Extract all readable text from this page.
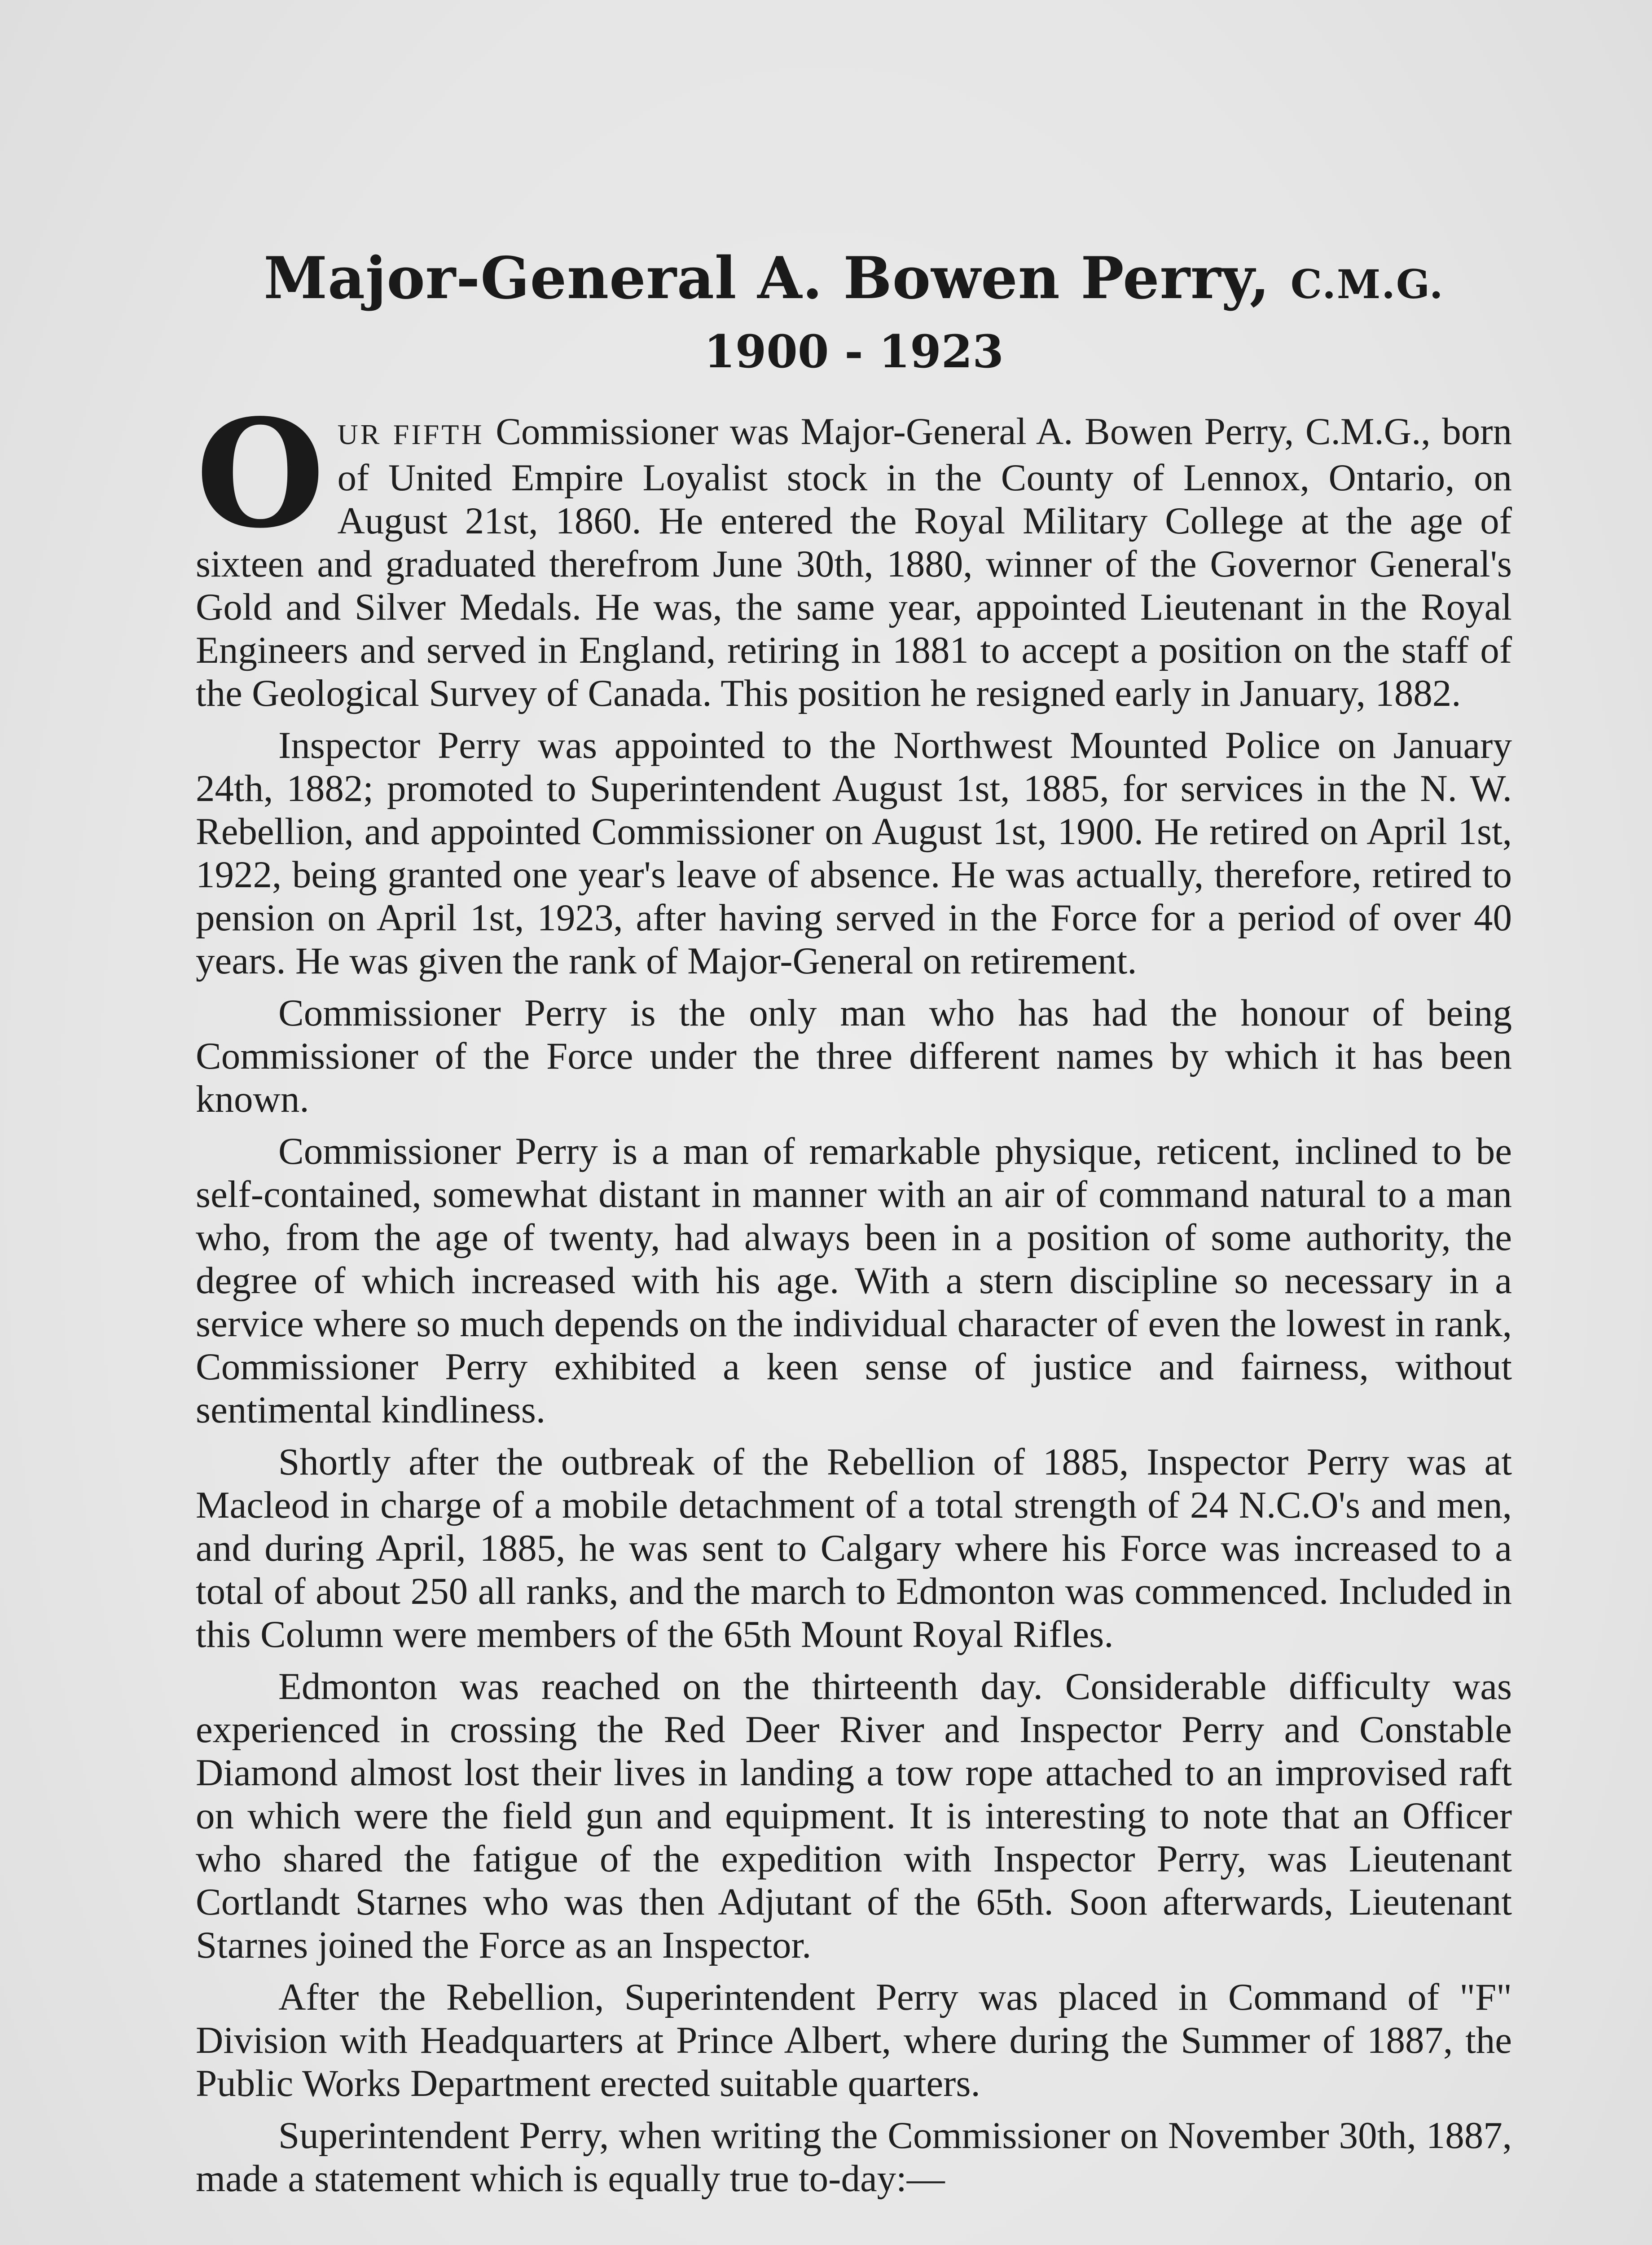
Major-General A. Bowen Perry, C.M.G.
1900 - 1923

OUR FIFTH Commissioner was Major-General A. Bowen Perry, C.M.G., born of United Empire Loyalist stock in the County of Lennox, Ontario, on August 21st, 1860. He entered the Royal Military College at the age of sixteen and graduated therefrom June 30th, 1880, winner of the Governor General's Gold and Silver Medals. He was, the same year, appointed Lieutenant in the Royal Engineers and served in England, retiring in 1881 to accept a position on the staff of the Geological Survey of Canada. This position he resigned early in January, 1882.

Inspector Perry was appointed to the Northwest Mounted Police on January 24th, 1882; promoted to Superintendent August 1st, 1885, for services in the N. W. Rebellion, and appointed Commissioner on August 1st, 1900. He retired on April 1st, 1922, being granted one year's leave of absence. He was actually, therefore, retired to pension on April 1st, 1923, after having served in the Force for a period of over 40 years. He was given the rank of Major-General on retirement.

Commissioner Perry is the only man who has had the honour of being Commissioner of the Force under the three different names by which it has been known.

Commissioner Perry is a man of remarkable physique, reticent, inclined to be self-contained, somewhat distant in manner with an air of command natural to a man who, from the age of twenty, had always been in a position of some authority, the degree of which increased with his age. With a stern discipline so necessary in a service where so much depends on the individual character of even the lowest in rank, Commissioner Perry exhibited a keen sense of justice and fairness, without sentimental kindliness.

Shortly after the outbreak of the Rebellion of 1885, Inspector Perry was at Macleod in charge of a mobile detachment of a total strength of 24 N.C.O's and men, and during April, 1885, he was sent to Calgary where his Force was increased to a total of about 250 all ranks, and the march to Edmonton was commenced. Included in this Column were members of the 65th Mount Royal Rifles.

Edmonton was reached on the thirteenth day. Considerable difficulty was experienced in crossing the Red Deer River and Inspector Perry and Constable Diamond almost lost their lives in landing a tow rope attached to an improvised raft on which were the field gun and equipment. It is interesting to note that an Officer who shared the fatigue of the expedition with Inspector Perry, was Lieutenant Cortlandt Starnes who was then Adjutant of the 65th. Soon afterwards, Lieutenant Starnes joined the Force as an Inspector.

After the Rebellion, Superintendent Perry was placed in Command of "F" Division with Headquarters at Prince Albert, where during the Summer of 1887, the Public Works Department erected suitable quarters.

Superintendent Perry, when writing the Commissioner on November 30th, 1887, made a statement which is equally true to-day:—
